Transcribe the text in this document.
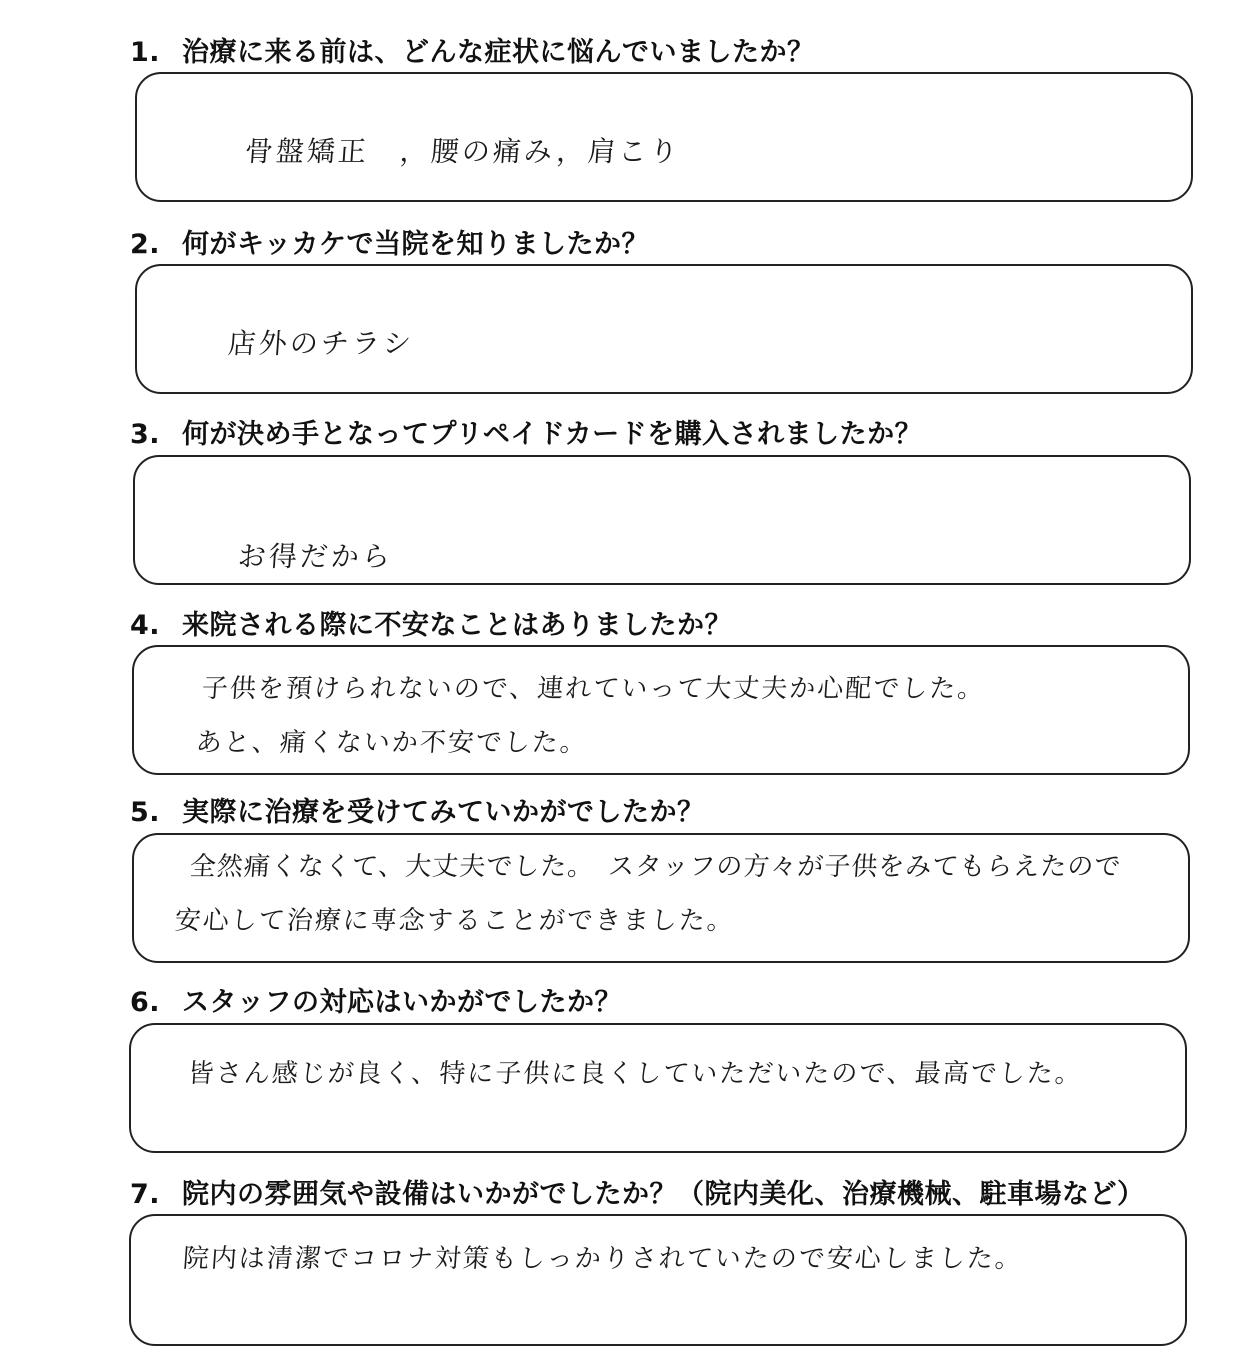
1. 治療に来る前は、どんな症状に悩んでいましたか？
骨盤矯正　，腰の痛み，肩こり
2. 何がキッカケで当院を知りましたか？
店外のチラシ
3. 何が決め手となってプリペイドカードを購入されましたか？
お得だから
4. 来院される際に不安なことはありましたか？
子供を預けられないので、連れていって大丈夫か心配でした。
あと、痛くないか不安でした。
5. 実際に治療を受けてみていかがでしたか？
全然痛くなくて、大丈夫でした。　スタッフの方々が子供をみてもらえたので
安心して治療に専念することができました。
6. スタッフの対応はいかがでしたか？
皆さん感じが良く、特に子供に良くしていただいたので、最高でした。
7. 院内の雰囲気や設備はいかがでしたか？（院内美化、治療機械、駐車場など）
院内は清潔でコロナ対策もしっかりされていたので安心しました。
